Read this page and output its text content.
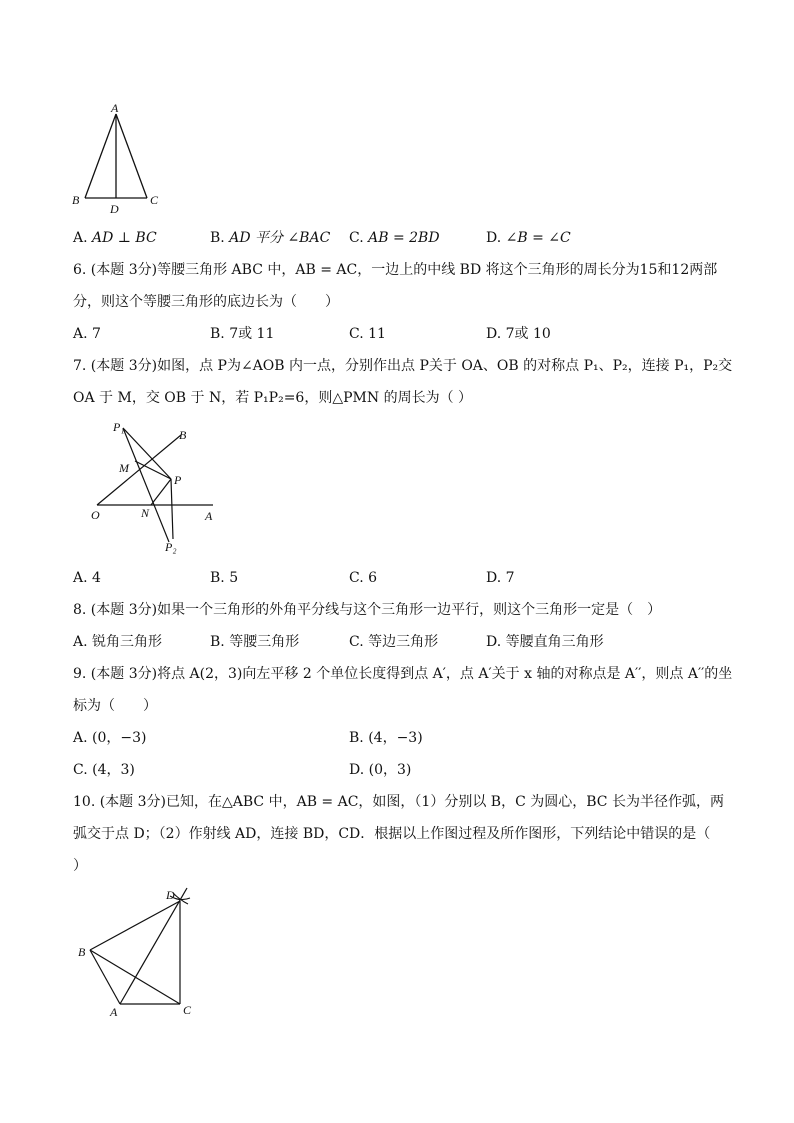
A
B
D
C
A. AD ⊥ BC	B. AD 平分 ∠BAC C. AB = 2BD	D. ∠B = ∠C
6. (本题 3分)等腰三角形 ABC 中，AB = AC，一边上的中线 BD 将这个三角形的周长分为15和12两部
分，则这个等腰三角形的底边长为（　　）
A. 7	B. 7或 11	C. 11	D. 7或 10
7. (本题 3分)如图，点 P为∠AOB 内一点，分别作出点 P关于 OA、OB 的对称点 P₁、P₂，连接 P₁，P₂交
OA 于 M，交 OB 于 N，若 P₁P₂=6，则△PMN 的周长为（ ）
P₁
B
M
P
O	N	A
P₂
A. 4	B. 5	C. 6	D. 7
8. (本题 3分)如果一个三角形的外角平分线与这个三角形一边平行，则这个三角形一定是（　）
A. 锐角三角形	B. 等腰三角形	C. 等边三角形	D. 等腰直角三角形
9. (本题 3分)将点 A(2，3)向左平移 2 个单位长度得到点 A′，点 A′关于 x 轴的对称点是 A′′，则点 A′′的坐
标为（　　）
A. (0，−3)	B. (4，−3)
C. (4，3)	D. (0，3)
10. (本题 3分)已知，在△ABC 中，AB = AC，如图，（1）分别以 B，C 为圆心，BC 长为半径作弧，两
弧交于点 D；（2）作射线 AD，连接 BD，CD．根据以上作图过程及所作图形，下列结论中错误的是（
）
D
B
A	C
